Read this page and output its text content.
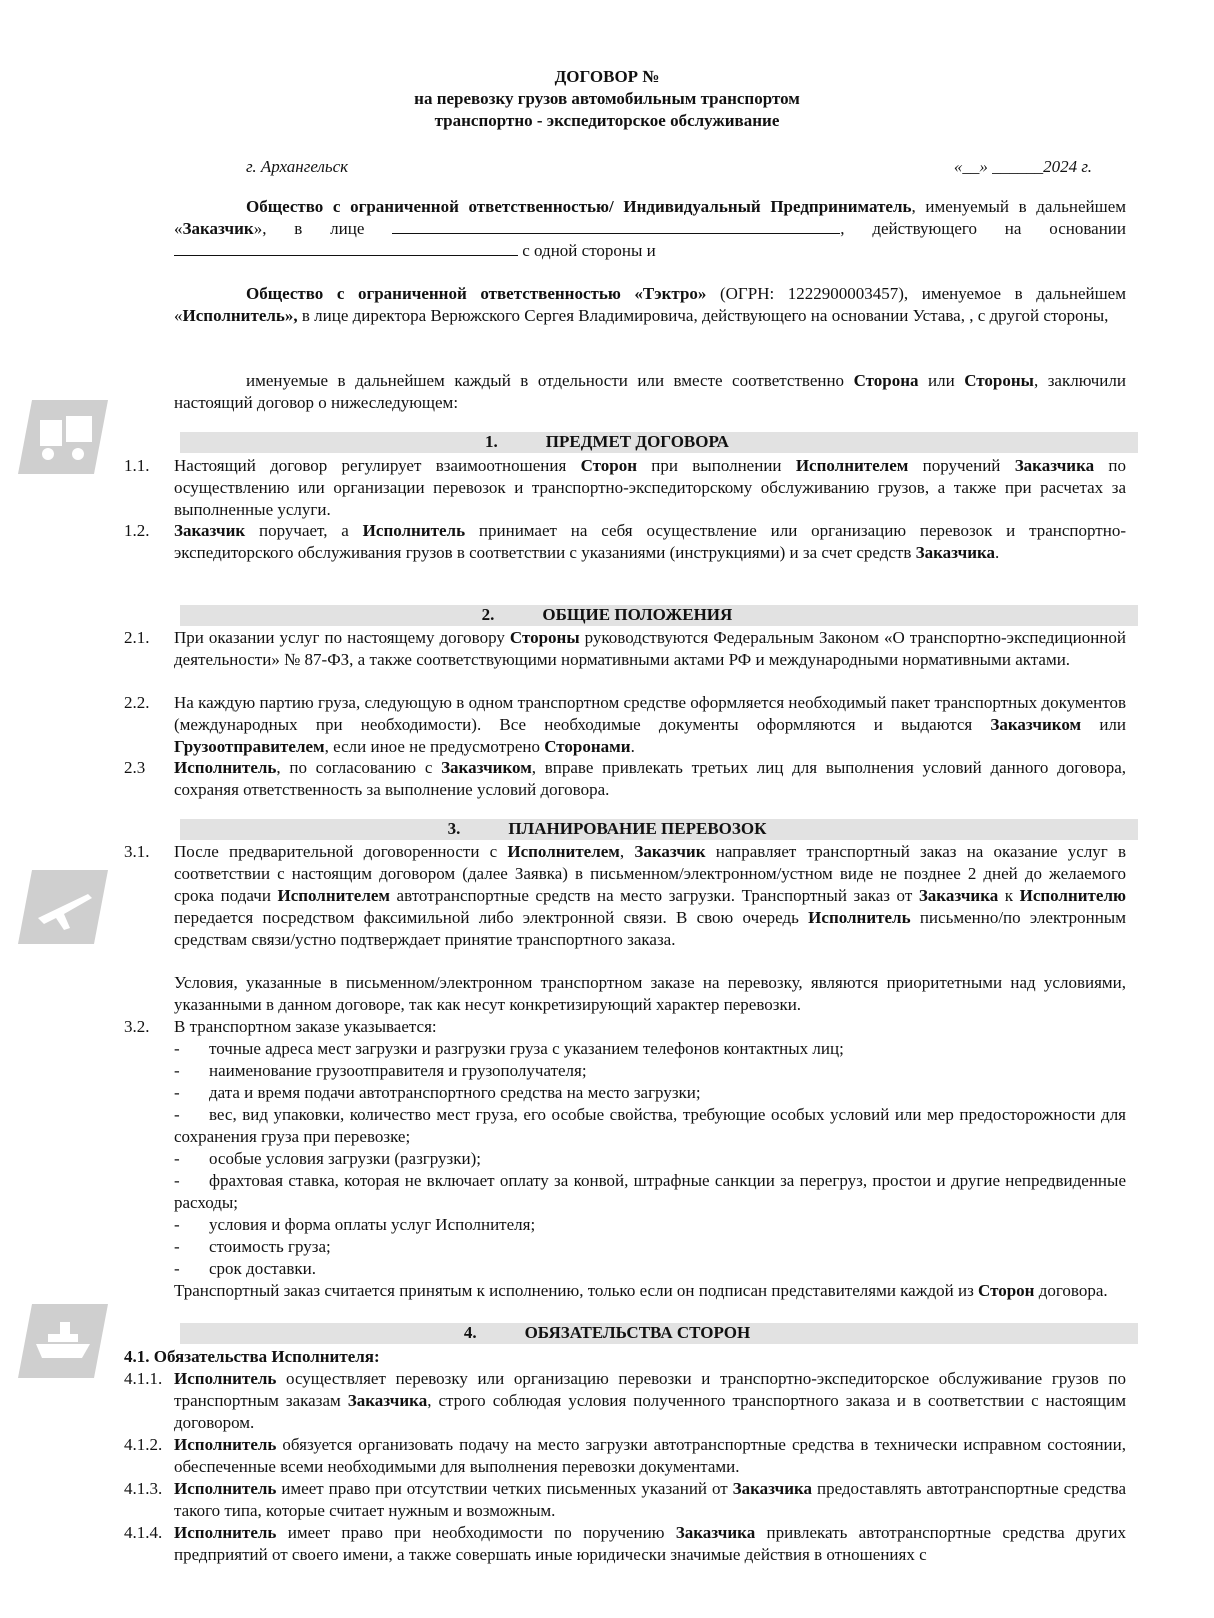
ДОГОВОР №
на перевозку грузов автомобильным транспортом
транспортно - экспедиторское обслуживание
г. Архангельск	«__» ______2024 г.
Общество с ограниченной ответственностью/ Индивидуальный Предприниматель, именуемый в дальнейшем «Заказчик», в лице	, действующего на основании  с одной стороны и
Общество с ограниченной ответственностью «Тэктро» (ОГРН: 1222900003457), именуемое в дальнейшем «Исполнитель», в лице директора Верюжского Сергея Владимировича, действующего на основании Устава, , с другой стороны,
именуемые в дальнейшем каждый в отдельности или вместе соответственно Сторона или Стороны, заключили настоящий договор о нижеследующем:
1.	ПРЕДМЕТ ДОГОВОРА
1.1. Настоящий договор регулирует взаимоотношения Сторон при выполнении Исполнителем поручений Заказчика по осуществлению или организации перевозок и транспортно-экспедиторскому обслуживанию грузов, а также при расчетах за выполненные услуги.
1.2. Заказчик поручает, а Исполнитель принимает на себя осуществление или организацию перевозок и транспортно-экспедиторского обслуживания грузов в соответствии с указаниями (инструкциями) и за счет средств Заказчика.
2.	ОБЩИЕ ПОЛОЖЕНИЯ
2.1. При оказании услуг по настоящему договору Стороны руководствуются Федеральным Законом «О транспортно-экспедиционной деятельности» № 87-ФЗ, а также соответствующими нормативными актами РФ и международными нормативными актами.
2.2. На каждую партию груза, следующую в одном транспортном средстве оформляется необходимый пакет транспортных документов (международных при необходимости). Все необходимые документы оформляются и выдаются Заказчиком или Грузоотправителем, если иное не предусмотрено Сторонами.
2.3 Исполнитель, по согласованию с Заказчиком, вправе привлекать третьих лиц для выполнения условий данного договора, сохраняя ответственность за выполнение условий договора.
3.	ПЛАНИРОВАНИЕ ПЕРЕВОЗОК
3.1. После предварительной договоренности с Исполнителем, Заказчик направляет транспортный заказ на оказание услуг в соответствии с настоящим договором (далее Заявка) в письменном/электронном/устном виде не позднее 2 дней до желаемого срока подачи Исполнителем автотранспортные средств на место загрузки. Транспортный заказ от Заказчика к Исполнителю передается посредством факсимильной либо электронной связи. В свою очередь Исполнитель письменно/по электронным средствам связи/устно подтверждает принятие транспортного заказа.
Условия, указанные в письменном/электронном транспортном заказе на перевозку, являются приоритетными над условиями, указанными в данном договоре, так как несут конкретизирующий характер перевозки.
3.2. В транспортном заказе указывается:
- точные адреса мест загрузки и разгрузки груза с указанием телефонов контактных лиц;
- наименование грузоотправителя и грузополучателя;
- дата и время подачи автотранспортного средства на место загрузки;
- вес, вид упаковки, количество мест груза, его особые свойства, требующие особых условий или мер предосторожности для сохранения груза при перевозке;
- особые условия загрузки (разгрузки);
- фрахтовая ставка, которая не включает оплату за конвой, штрафные санкции за перегруз, простои и другие непредвиденные расходы;
- условия и форма оплаты услуг Исполнителя;
- стоимость груза;
- срок доставки.
Транспортный заказ считается принятым к исполнению, только если он подписан представителями каждой из Сторон договора.
4.	ОБЯЗАТЕЛЬСТВА СТОРОН
4.1. Обязательства Исполнителя:
4.1.1. Исполнитель осуществляет перевозку или организацию перевозки и транспортно-экспедиторское обслуживание грузов по транспортным заказам Заказчика, строго соблюдая условия полученного транспортного заказа и в соответствии с настоящим договором.
4.1.2. Исполнитель обязуется организовать подачу на место загрузки автотранспортные средства в технически исправном состоянии, обеспеченные всеми необходимыми для выполнения перевозки документами.
4.1.3. Исполнитель имеет право при отсутствии четких письменных указаний от Заказчика предоставлять автотранспортные средства такого типа, которые считает нужным и возможным.
4.1.4. Исполнитель имеет право при необходимости по поручению Заказчика привлекать автотранспортные средства других предприятий от своего имени, а также совершать иные юридически значимые действия в отношениях с
